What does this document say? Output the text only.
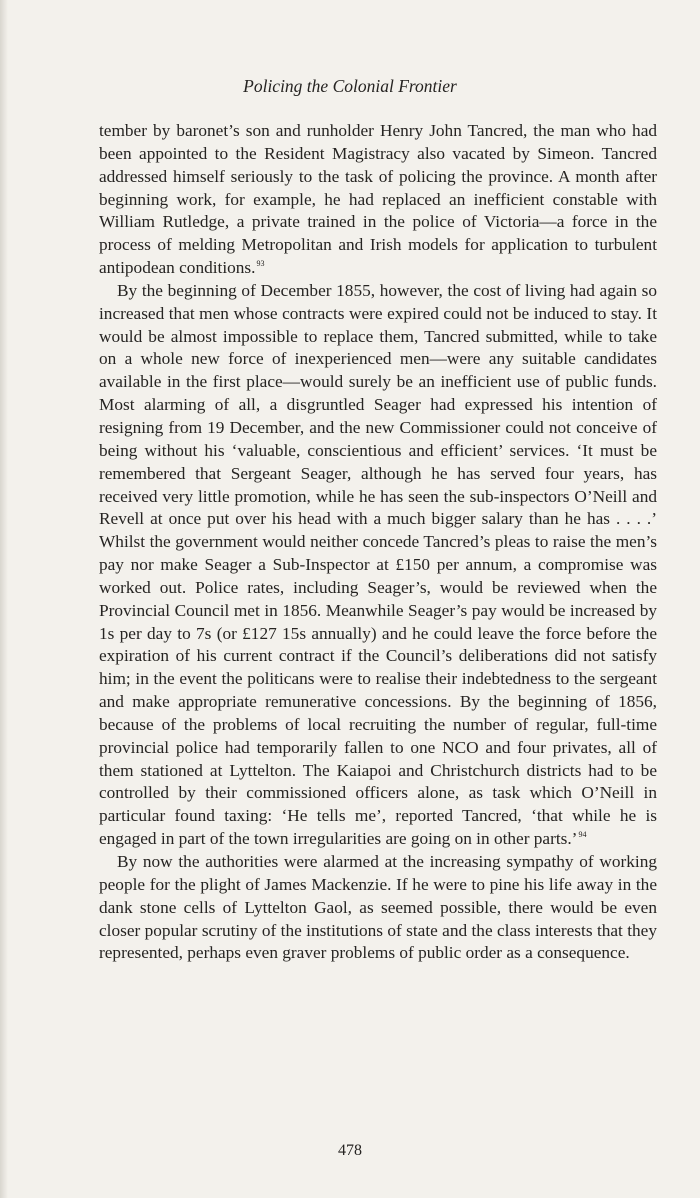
Policing the Colonial Frontier

tember by baronet’s son and runholder Henry John Tancred, the man who had been appointed to the Resident Magistracy also vacated by Simeon. Tancred addressed himself seriously to the task of policing the province. A month after beginning work, for example, he had replaced an inefficient constable with William Rutledge, a private trained in the police of Victoria—a force in the process of melding Metropolitan and Irish models for application to turbulent antipodean conditions.$^{93}$

By the beginning of December 1855, however, the cost of living had again so increased that men whose contracts were expired could not be induced to stay. It would be almost impossible to replace them, Tancred submitted, while to take on a whole new force of inexperienced men—were any suitable candidates available in the first place—would surely be an inefficient use of public funds. Most alarming of all, a disgruntled Seager had expressed his intention of resigning from 19 December, and the new Commissioner could not conceive of being without his ‘valuable, conscientious and efficient’ services. ‘It must be remembered that Sergeant Seager, although he has served four years, has received very little promotion, while he has seen the sub-inspectors O’Neill and Revell at once put over his head with a much bigger salary than he has . . . .’ Whilst the government would neither concede Tancred’s pleas to raise the men’s pay nor make Seager a Sub-Inspector at £150 per annum, a compromise was worked out. Police rates, including Seager’s, would be reviewed when the Provincial Council met in 1856. Meanwhile Seager’s pay would be increased by 1s per day to 7s (or £127 15s annually) and he could leave the force before the expiration of his current contract if the Council’s deliberations did not satisfy him; in the event the politicans were to realise their indebtedness to the sergeant and make appropriate remunerative concessions. By the beginning of 1856, because of the problems of local recruiting the number of regular, full-time provincial police had temporarily fallen to one NCO and four privates, all of them stationed at Lyttelton. The Kaiapoi and Christchurch districts had to be controlled by their commissioned officers alone, as task which O’Neill in particular found taxing: ‘He tells me’, reported Tancred, ‘that while he is engaged in part of the town irregularities are going on in other parts.’$^{94}$

By now the authorities were alarmed at the increasing sympathy of working people for the plight of James Mackenzie. If he were to pine his life away in the dank stone cells of Lyttelton Gaol, as seemed possible, there would be even closer popular scrutiny of the institutions of state and the class interests that they represented, perhaps even graver problems of public order as a consequence.

478
